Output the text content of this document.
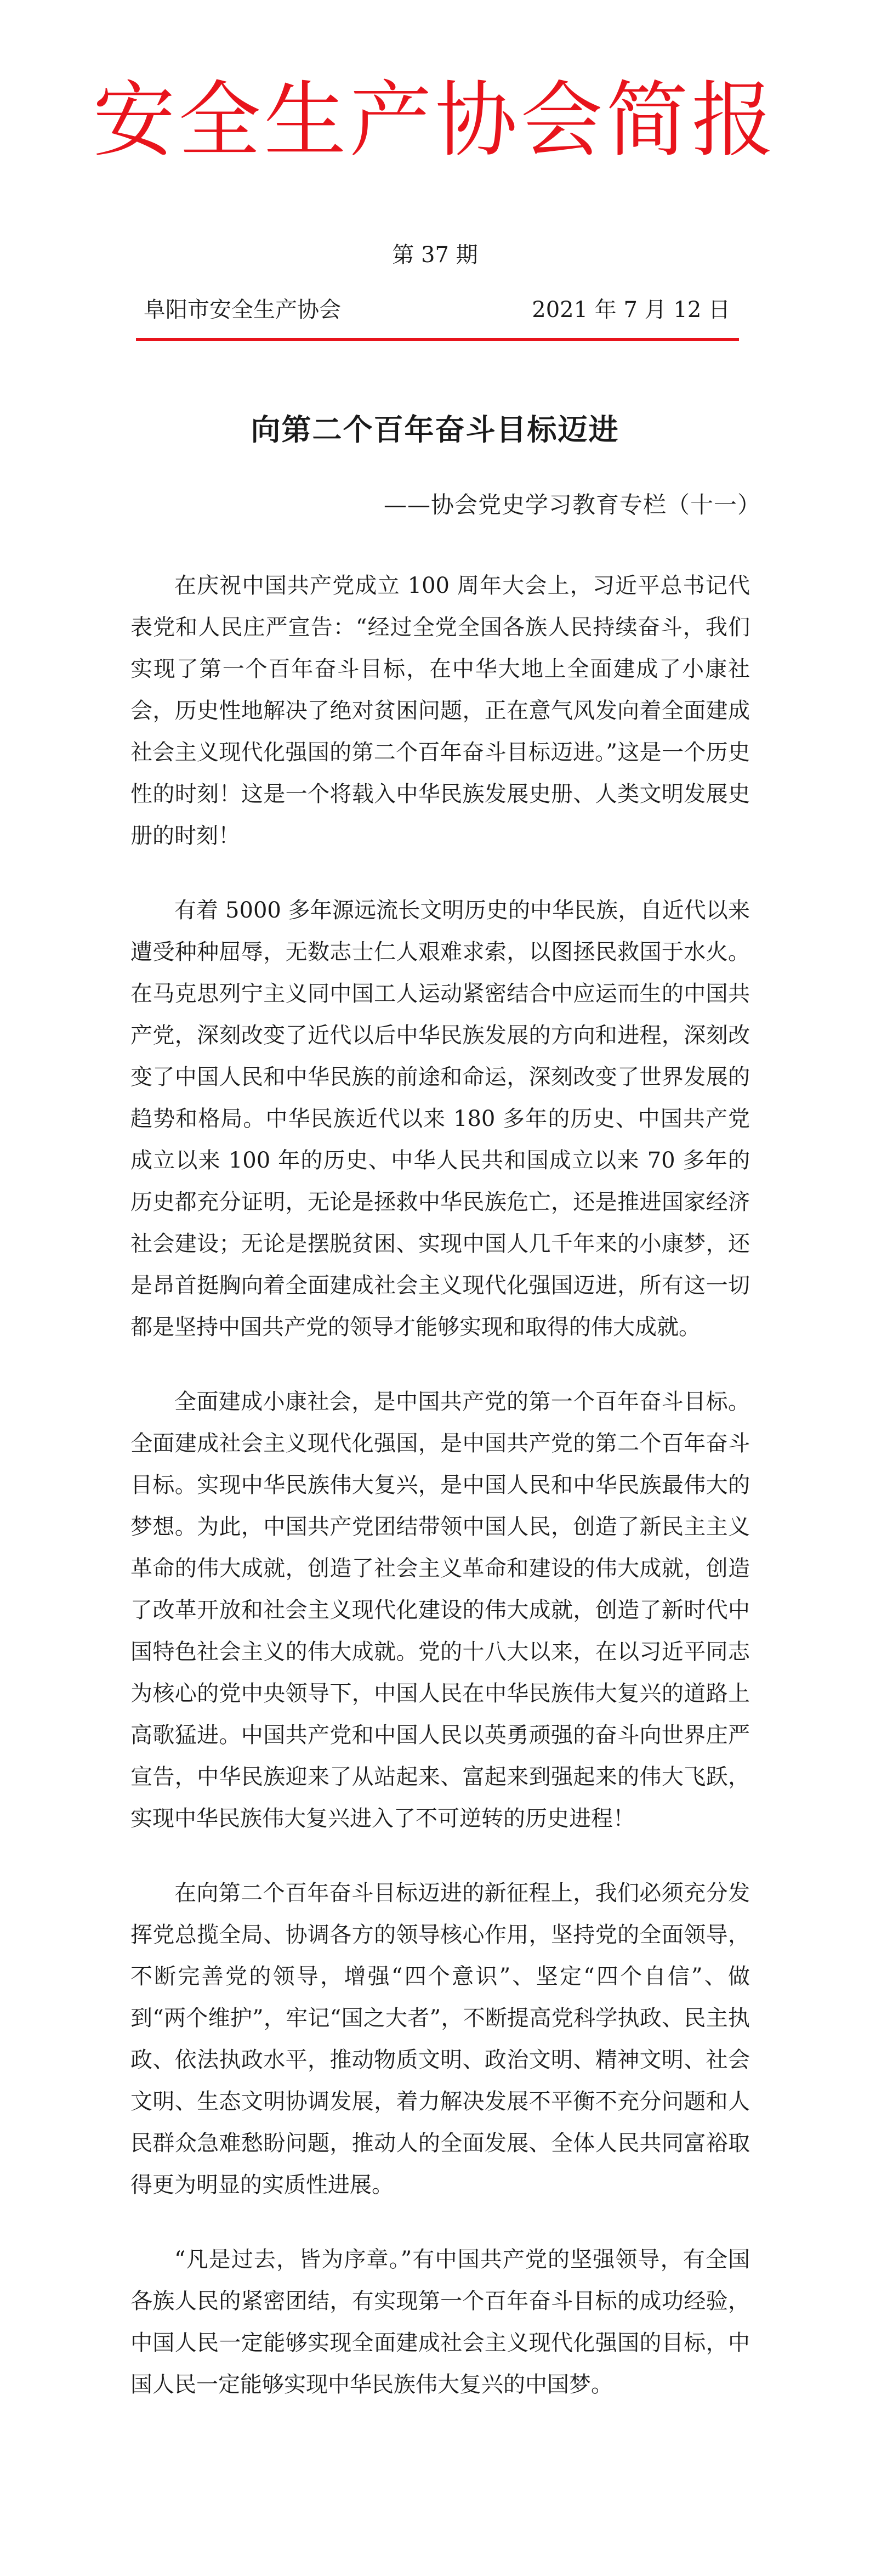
安全生产协会简报
第 37 期
阜阳市安全生产协会	2021 年 7 月 12 日
向第二个百年奋斗目标迈进
——协会党史学习教育专栏（十一）

在庆祝中国共产党成立 100 周年大会上，习近平总书记代表党和人民庄严宣告：“经过全党全国各族人民持续奋斗，我们实现了第一个百年奋斗目标，在中华大地上全面建成了小康社会，历史性地解决了绝对贫困问题，正在意气风发向着全面建成社会主义现代化强国的第二个百年奋斗目标迈进。”这是一个历史性的时刻！这是一个将载入中华民族发展史册、人类文明发展史册的时刻！

有着 5000 多年源远流长文明历史的中华民族，自近代以来遭受种种屈辱，无数志士仁人艰难求索，以图拯民救国于水火。在马克思列宁主义同中国工人运动紧密结合中应运而生的中国共产党，深刻改变了近代以后中华民族发展的方向和进程，深刻改变了中国人民和中华民族的前途和命运，深刻改变了世界发展的趋势和格局。中华民族近代以来 180 多年的历史、中国共产党成立以来 100 年的历史、中华人民共和国成立以来 70 多年的历史都充分证明，无论是拯救中华民族危亡，还是推进国家经济社会建设；无论是摆脱贫困、实现中国人几千年来的小康梦，还是昂首挺胸向着全面建成社会主义现代化强国迈进，所有这一切都是坚持中国共产党的领导才能够实现和取得的伟大成就。

全面建成小康社会，是中国共产党的第一个百年奋斗目标。全面建成社会主义现代化强国，是中国共产党的第二个百年奋斗目标。实现中华民族伟大复兴，是中国人民和中华民族最伟大的梦想。为此，中国共产党团结带领中国人民，创造了新民主主义革命的伟大成就，创造了社会主义革命和建设的伟大成就，创造了改革开放和社会主义现代化建设的伟大成就，创造了新时代中国特色社会主义的伟大成就。党的十八大以来，在以习近平同志为核心的党中央领导下，中国人民在中华民族伟大复兴的道路上高歌猛进。中国共产党和中国人民以英勇顽强的奋斗向世界庄严宣告，中华民族迎来了从站起来、富起来到强起来的伟大飞跃，实现中华民族伟大复兴进入了不可逆转的历史进程！

在向第二个百年奋斗目标迈进的新征程上，我们必须充分发挥党总揽全局、协调各方的领导核心作用，坚持党的全面领导，不断完善党的领导，增强“四个意识”、坚定“四个自信”、做到“两个维护”，牢记“国之大者”，不断提高党科学执政、民主执政、依法执政水平，推动物质文明、政治文明、精神文明、社会文明、生态文明协调发展，着力解决发展不平衡不充分问题和人民群众急难愁盼问题，推动人的全面发展、全体人民共同富裕取得更为明显的实质性进展。

“凡是过去，皆为序章。”有中国共产党的坚强领导，有全国各族人民的紧密团结，有实现第一个百年奋斗目标的成功经验，中国人民一定能够实现全面建成社会主义现代化强国的目标，中国人民一定能够实现中华民族伟大复兴的中国梦。
